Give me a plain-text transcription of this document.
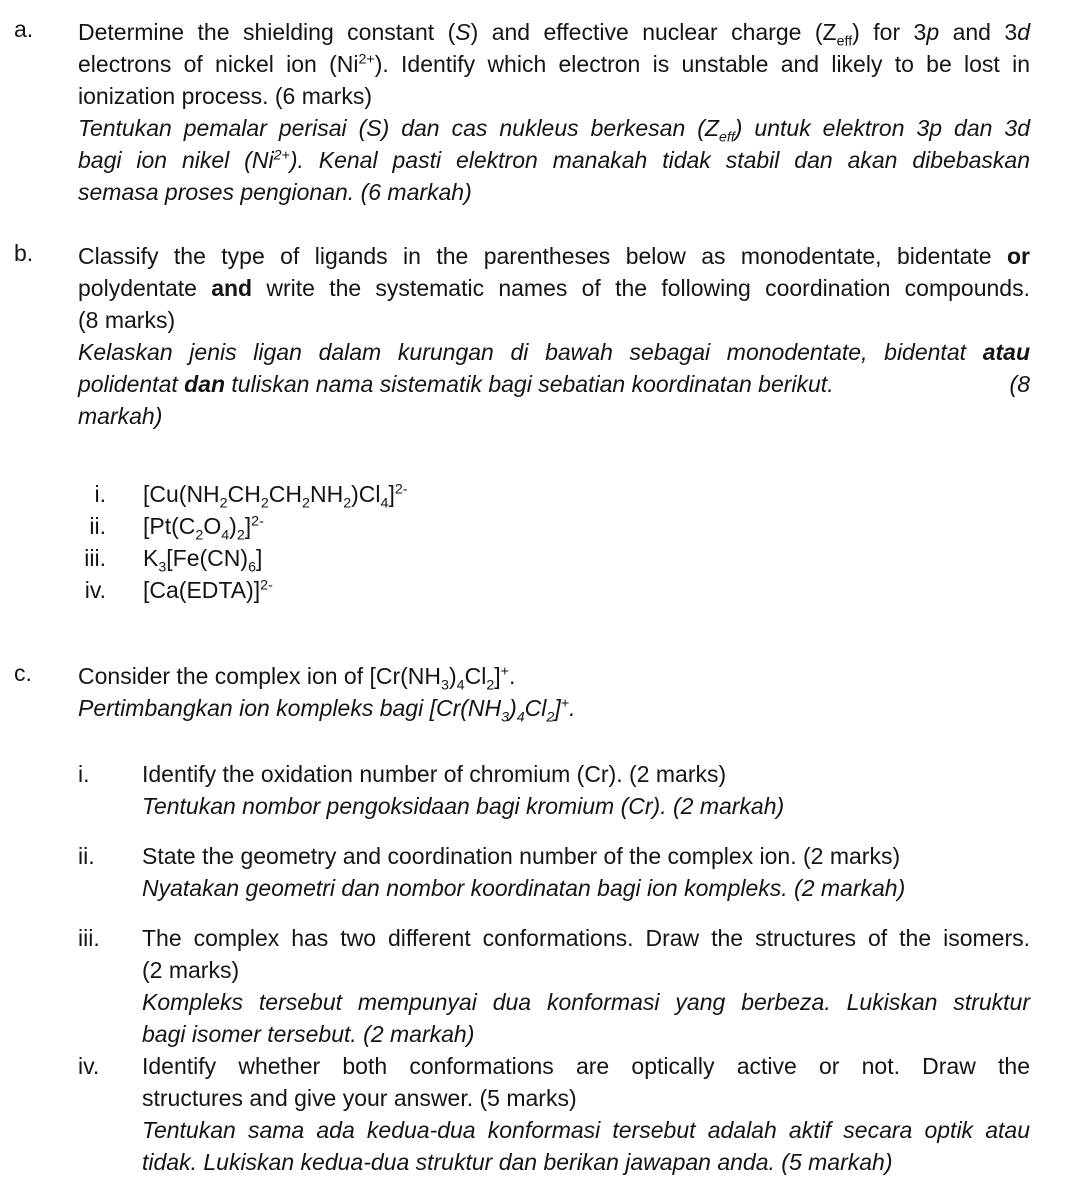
a. Determine the shielding constant (S) and effective nuclear charge $(Z_{eff})$ for 3p and 3d
electrons of nickel ion $(Ni^{2+})$. Identify which electron is unstable and likely to be lost in
ionization process. (6 marks)
Tentukan pemalar perisai (S) dan cas nukleus berkesan $(Z_{eff})$ untuk elektron 3p dan 3d
bagi ion nikel $(Ni^{2+})$. Kenal pasti elektron manakah tidak stabil dan akan dibebaskan
semasa proses pengionan. (6 markah)
b. Classify the type of ligands in the parentheses below as monodentate, bidentate or
polydentate and write the systematic names of the following coordination compounds.
(8 marks)
Kelaskan jenis ligan dalam kurungan di bawah sebagai monodentate, bidentat atau
polidentat dan tuliskan nama sistematik bagi sebatian koordinatan berikut.	(8
markah)
i. $[Cu(NH_2CH_2CH_2NH_2)Cl_4]^{2-}$
ii. $[Pt(C_2O_4)_2]^{2-}$
iii. $K_3[Fe(CN)_6]$
iv. [Ca(EDTA)]$^{2-}$
c. Consider the complex ion of $[Cr(NH_3)_4Cl_2]^+$.
Pertimbangkan ion kompleks bagi $[Cr(NH_3)_4Cl_2]^+$.
i. Identify the oxidation number of chromium (Cr). (2 marks)
Tentukan nombor pengoksidaan bagi kromium (Cr). (2 markah)
ii. State the geometry and coordination number of the complex ion. (2 marks)
Nyatakan geometri dan nombor koordinatan bagi ion kompleks. (2 markah)
iii. The complex has two different conformations. Draw the structures of the isomers.
(2 marks)
Kompleks tersebut mempunyai dua konformasi yang berbeza. Lukiskan struktur
bagi isomer tersebut. (2 markah)
iv. Identify whether both conformations are optically active or not. Draw the
structures and give your answer. (5 marks)
Tentukan sama ada kedua-dua konformasi tersebut adalah aktif secara optik atau
tidak. Lukiskan kedua-dua struktur dan berikan jawapan anda. (5 markah)
